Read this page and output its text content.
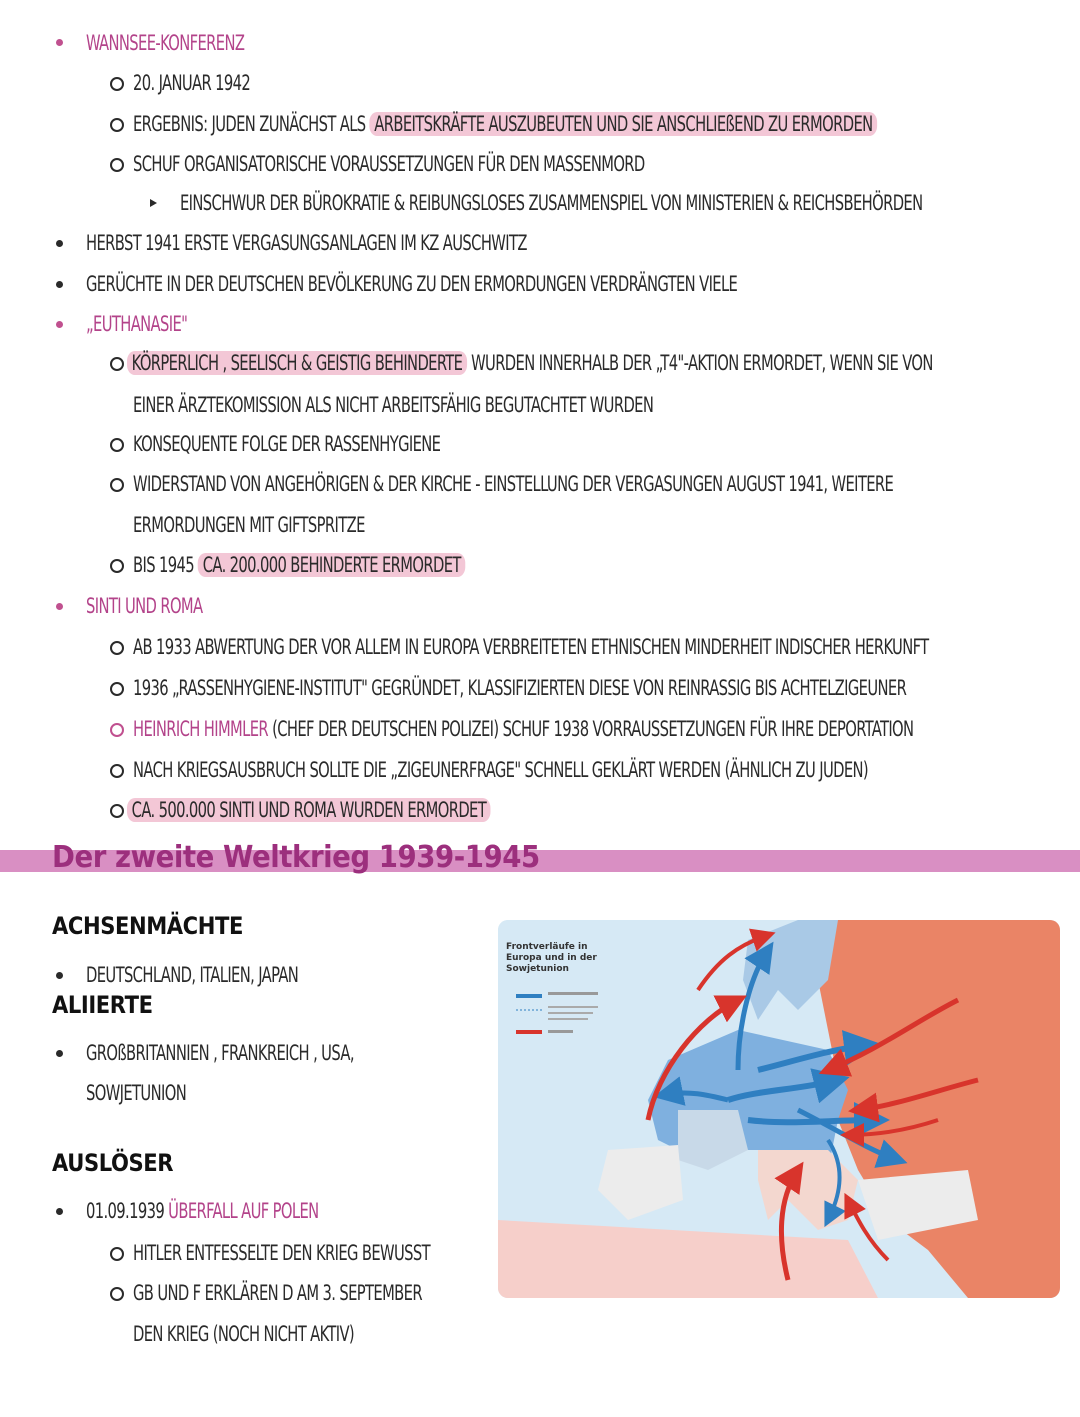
WANNSEE-KONFERENZ
20. JANUAR 1942
ERGEBNIS: JUDEN ZUNÄCHST ALS ARBEITSKRÄFTE AUSZUBEUTEN UND SIE ANSCHLIEßEND ZU ERMORDEN
SCHUF ORGANISATORISCHE VORAUSSETZUNGEN FÜR DEN MASSENMORD
EINSCHWUR DER BÜROKRATIE & REIBUNGSLOSES ZUSAMMENSPIEL VON MINISTERIEN & REICHSBEHÖRDEN
HERBST 1941 ERSTE VERGASUNGSANLAGEN IM KZ AUSCHWITZ
GERÜCHTE IN DER DEUTSCHEN BEVÖLKERUNG ZU DEN ERMORDUNGEN VERDRÄNGTEN VIELE
„EUTHANASIE"
KÖRPERLICH , SEELISCH & GEISTIG BEHINDERTE WURDEN INNERHALB DER „T4"-AKTION ERMORDET, WENN SIE VON
EINER ÄRZTEKOMISSION ALS NICHT ARBEITSFÄHIG BEGUTACHTET WURDEN
KONSEQUENTE FOLGE DER RASSENHYGIENE
WIDERSTAND VON ANGEHÖRIGEN & DER KIRCHE - EINSTELLUNG DER VERGASUNGEN AUGUST 1941, WEITERE
ERMORDUNGEN MIT GIFTSPRITZE
BIS 1945 CA. 200.000 BEHINDERTE ERMORDET
SINTI UND ROMA
AB 1933 ABWERTUNG DER VOR ALLEM IN EUROPA VERBREITETEN ETHNISCHEN MINDERHEIT INDISCHER HERKUNFT
1936 „RASSENHYGIENE-INSTITUT" GEGRÜNDET, KLASSIFIZIERTEN DIESE VON REINRASSIG BIS ACHTELZIGEUNER
HEINRICH HIMMLER (CHEF DER DEUTSCHEN POLIZEI) SCHUF 1938 VORRAUSSETZUNGEN FÜR IHRE DEPORTATION
NACH KRIEGSAUSBRUCH SOLLTE DIE „ZIGEUNERFRAGE" SCHNELL GEKLÄRT WERDEN (ÄHNLICH ZU JUDEN)
CA. 500.000 SINTI UND ROMA WURDEN ERMORDET
Der zweite Weltkrieg 1939-1945
ACHSENMÄCHTE
DEUTSCHLAND, ITALIEN, JAPAN
ALIIERTE
GROßBRITANNIEN , FRANKREICH , USA,
SOWJETUNION
AUSLÖSER
01.09.1939 ÜBERFALL AUF POLEN
HITLER ENTFESSELTE DEN KRIEG BEWUSST
GB UND F ERKLÄREN D AM 3. SEPTEMBER
DEN KRIEG (NOCH NICHT AKTIV)
Frontverläufe in Europa und in der Sowjetunion
